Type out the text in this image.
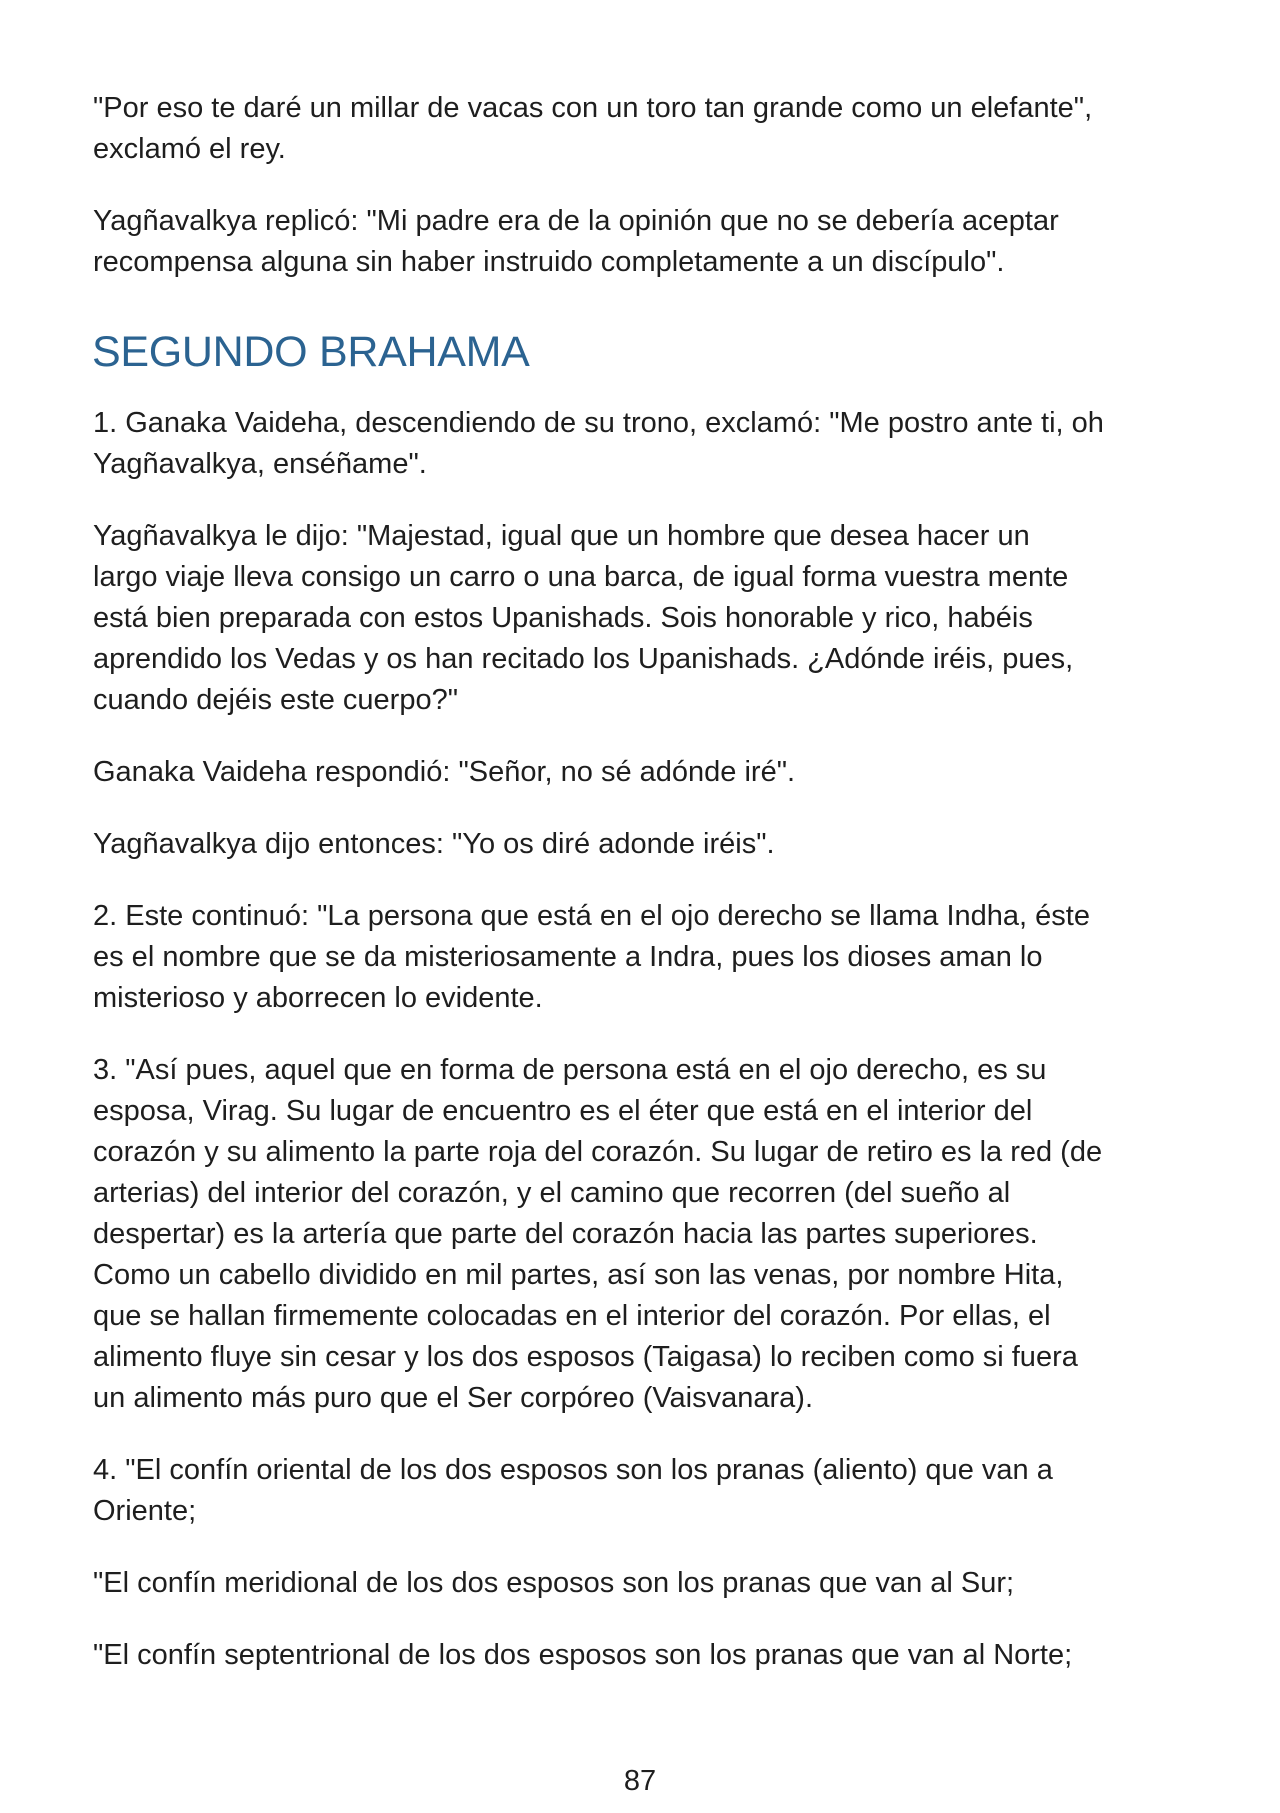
"Por eso te daré un millar de vacas con un toro tan grande como un elefante",
exclamó el rey.

Yagñavalkya replicó: "Mi padre era de la opinión que no se debería aceptar
recompensa alguna sin haber instruido completamente a un discípulo".

SEGUNDO BRAHAMA

1. Ganaka Vaideha, descendiendo de su trono, exclamó: "Me postro ante ti, oh
Yagñavalkya, enséñame".

Yagñavalkya le dijo: "Majestad, igual que un hombre que desea hacer un
largo viaje lleva consigo un carro o una barca, de igual forma vuestra mente
está bien preparada con estos Upanishads. Sois honorable y rico, habéis
aprendido los Vedas y os han recitado los Upanishads. ¿Adónde iréis, pues,
cuando dejéis este cuerpo?"

Ganaka Vaideha respondió: "Señor, no sé adónde iré".

Yagñavalkya dijo entonces: "Yo os diré adonde iréis".

2. Este continuó: "La persona que está en el ojo derecho se llama Indha, éste
es el nombre que se da misteriosamente a Indra, pues los dioses aman lo
misterioso y aborrecen lo evidente.

3. "Así pues, aquel que en forma de persona está en el ojo derecho, es su
esposa, Virag. Su lugar de encuentro es el éter que está en el interior del
corazón y su alimento la parte roja del corazón. Su lugar de retiro es la red (de
arterias) del interior del corazón, y el camino que recorren (del sueño al
despertar) es la artería que parte del corazón hacia las partes superiores.
Como un cabello dividido en mil partes, así son las venas, por nombre Hita,
que se hallan firmemente colocadas en el interior del corazón. Por ellas, el
alimento fluye sin cesar y los dos esposos (Taigasa) lo reciben como si fuera
un alimento más puro que el Ser corpóreo (Vaisvanara).

4. "El confín oriental de los dos esposos son los pranas (aliento) que van a
Oriente;

"El confín meridional de los dos esposos son los pranas que van al Sur;

"El confín septentrional de los dos esposos son los pranas que van al Norte;

87
